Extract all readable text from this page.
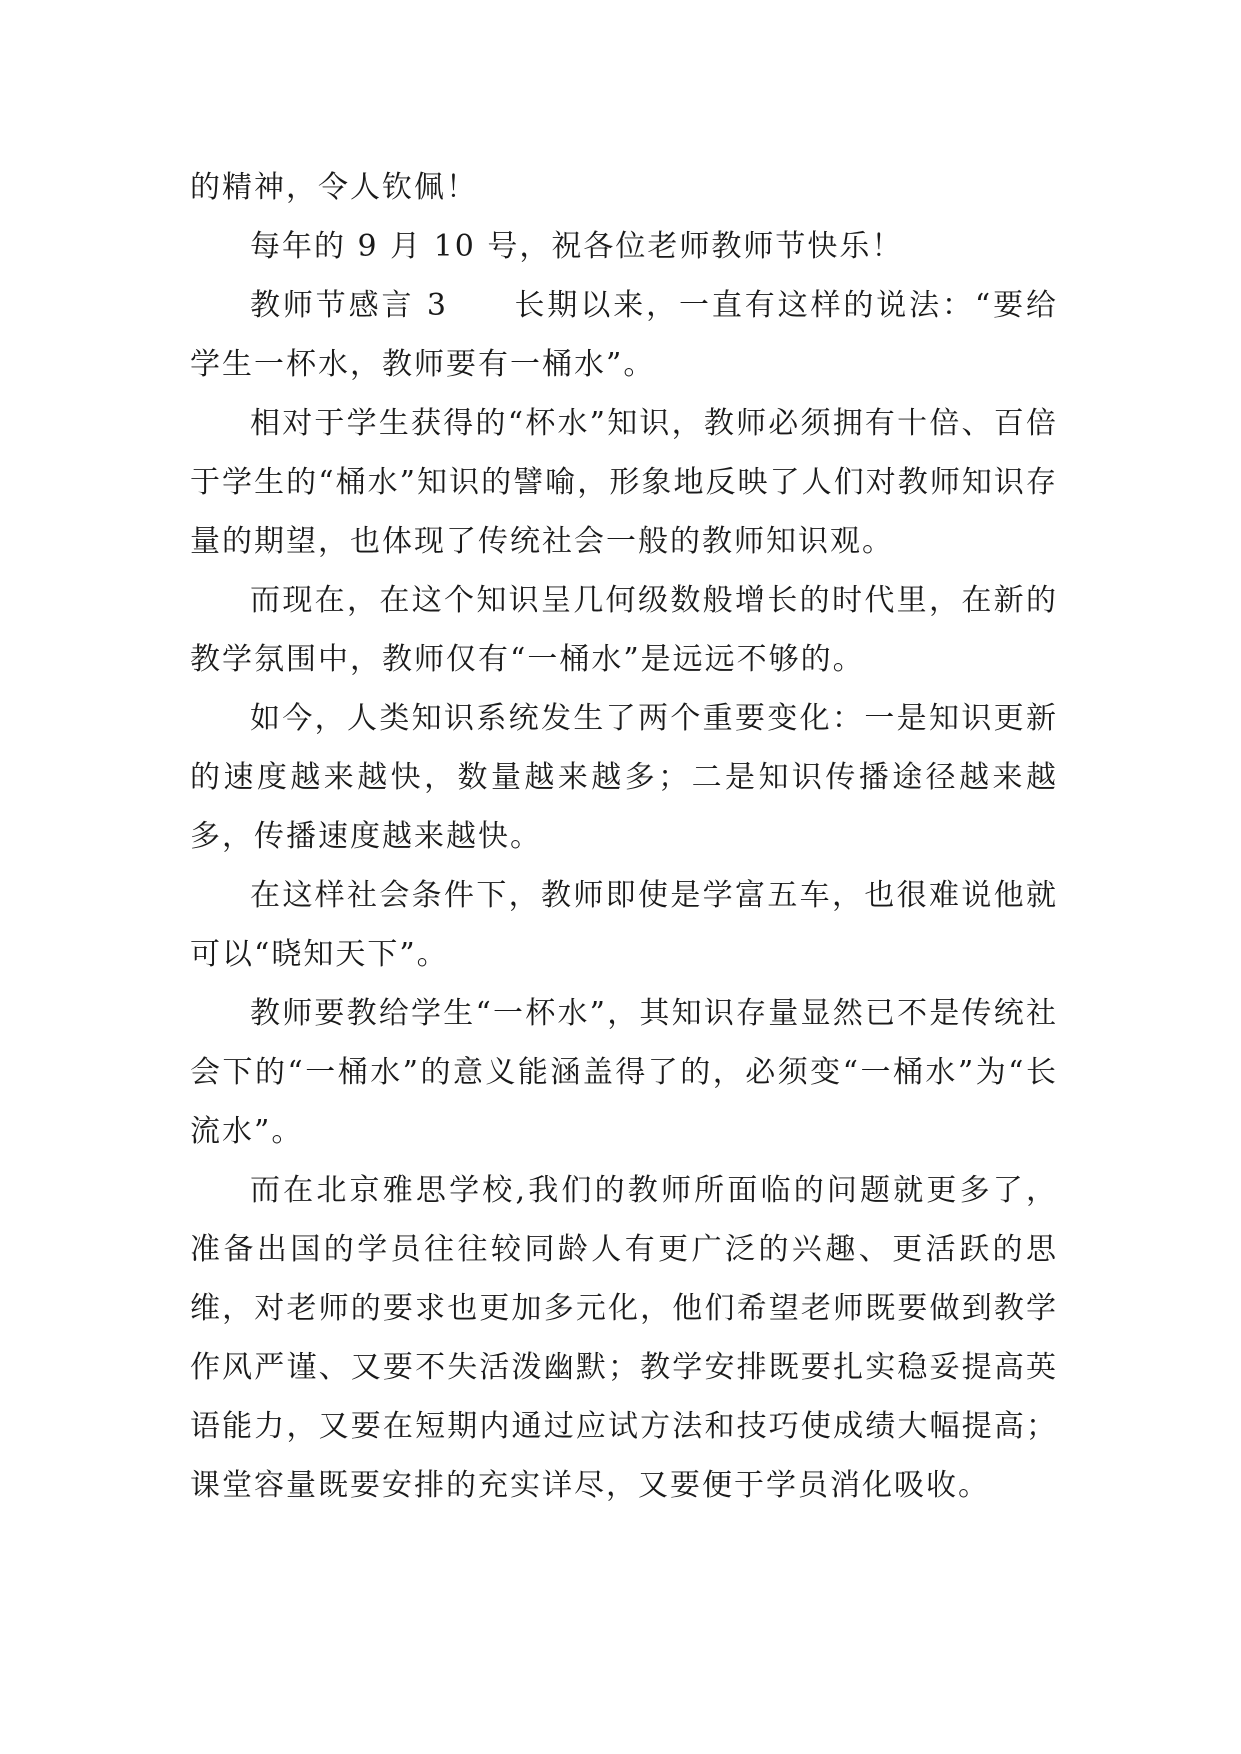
的精神，令人钦佩！

每年的 9 月 10 号，祝各位老师教师节快乐！

教师节感言 3　　长期以来，一直有这样的说法：“要给学生一杯水，教师要有一桶水”。

相对于学生获得的“杯水”知识，教师必须拥有十倍、百倍于学生的“桶水”知识的譬喻，形象地反映了人们对教师知识存量的期望，也体现了传统社会一般的教师知识观。

而现在，在这个知识呈几何级数般增长的时代里，在新的教学氛围中，教师仅有“一桶水”是远远不够的。

如今，人类知识系统发生了两个重要变化：一是知识更新的速度越来越快，数量越来越多；二是知识传播途径越来越多，传播速度越来越快。

在这样社会条件下，教师即使是学富五车，也很难说他就可以“晓知天下”。

教师要教给学生“一杯水”，其知识存量显然已不是传统社会下的“一桶水”的意义能涵盖得了的，必须变“一桶水”为“长流水”。

而在北京雅思学校,我们的教师所面临的问题就更多了，准备出国的学员往往较同龄人有更广泛的兴趣、更活跃的思维，对老师的要求也更加多元化，他们希望老师既要做到教学作风严谨、又要不失活泼幽默；教学安排既要扎实稳妥提高英语能力，又要在短期内通过应试方法和技巧使成绩大幅提高；课堂容量既要安排的充实详尽，又要便于学员消化吸收。
